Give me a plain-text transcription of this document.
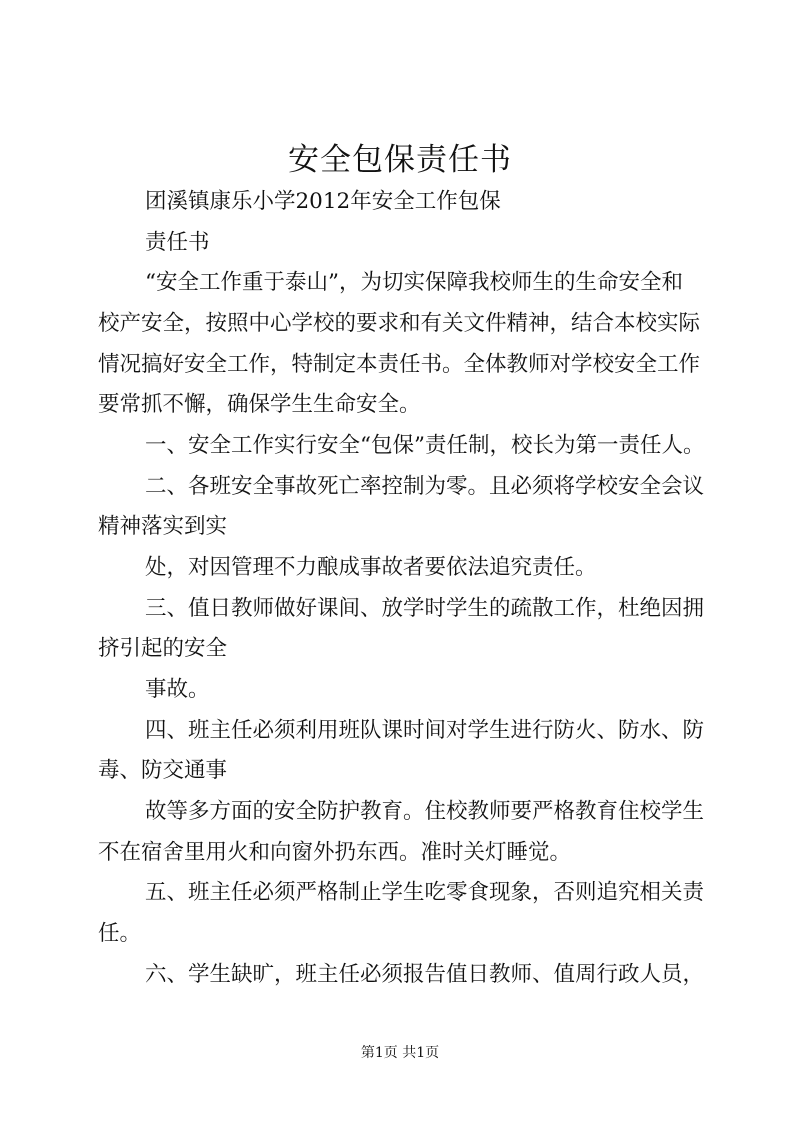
安全包保责任书
团溪镇康乐小学2012年安全工作包保
责任书
“安全工作重于泰山”，为切实保障我校师生的生命安全和
校产安全，按照中心学校的要求和有关文件精神，结合本校实际
情况搞好安全工作，特制定本责任书。全体教师对学校安全工作
要常抓不懈，确保学生生命安全。
一、安全工作实行安全“包保”责任制，校长为第一责任人。
二、各班安全事故死亡率控制为零。且必须将学校安全会议
精神落实到实
处，对因管理不力酿成事故者要依法追究责任。
三、值日教师做好课间、放学时学生的疏散工作，杜绝因拥
挤引起的安全
事故。
四、班主任必须利用班队课时间对学生进行防火、防水、防
毒、防交通事
故等多方面的安全防护教育。住校教师要严格教育住校学生
不在宿舍里用火和向窗外扔东西。准时关灯睡觉。
五、班主任必须严格制止学生吃零食现象，否则追究相关责
任。
六、学生缺旷，班主任必须报告值日教师、值周行政人员，
第1页 共1页
